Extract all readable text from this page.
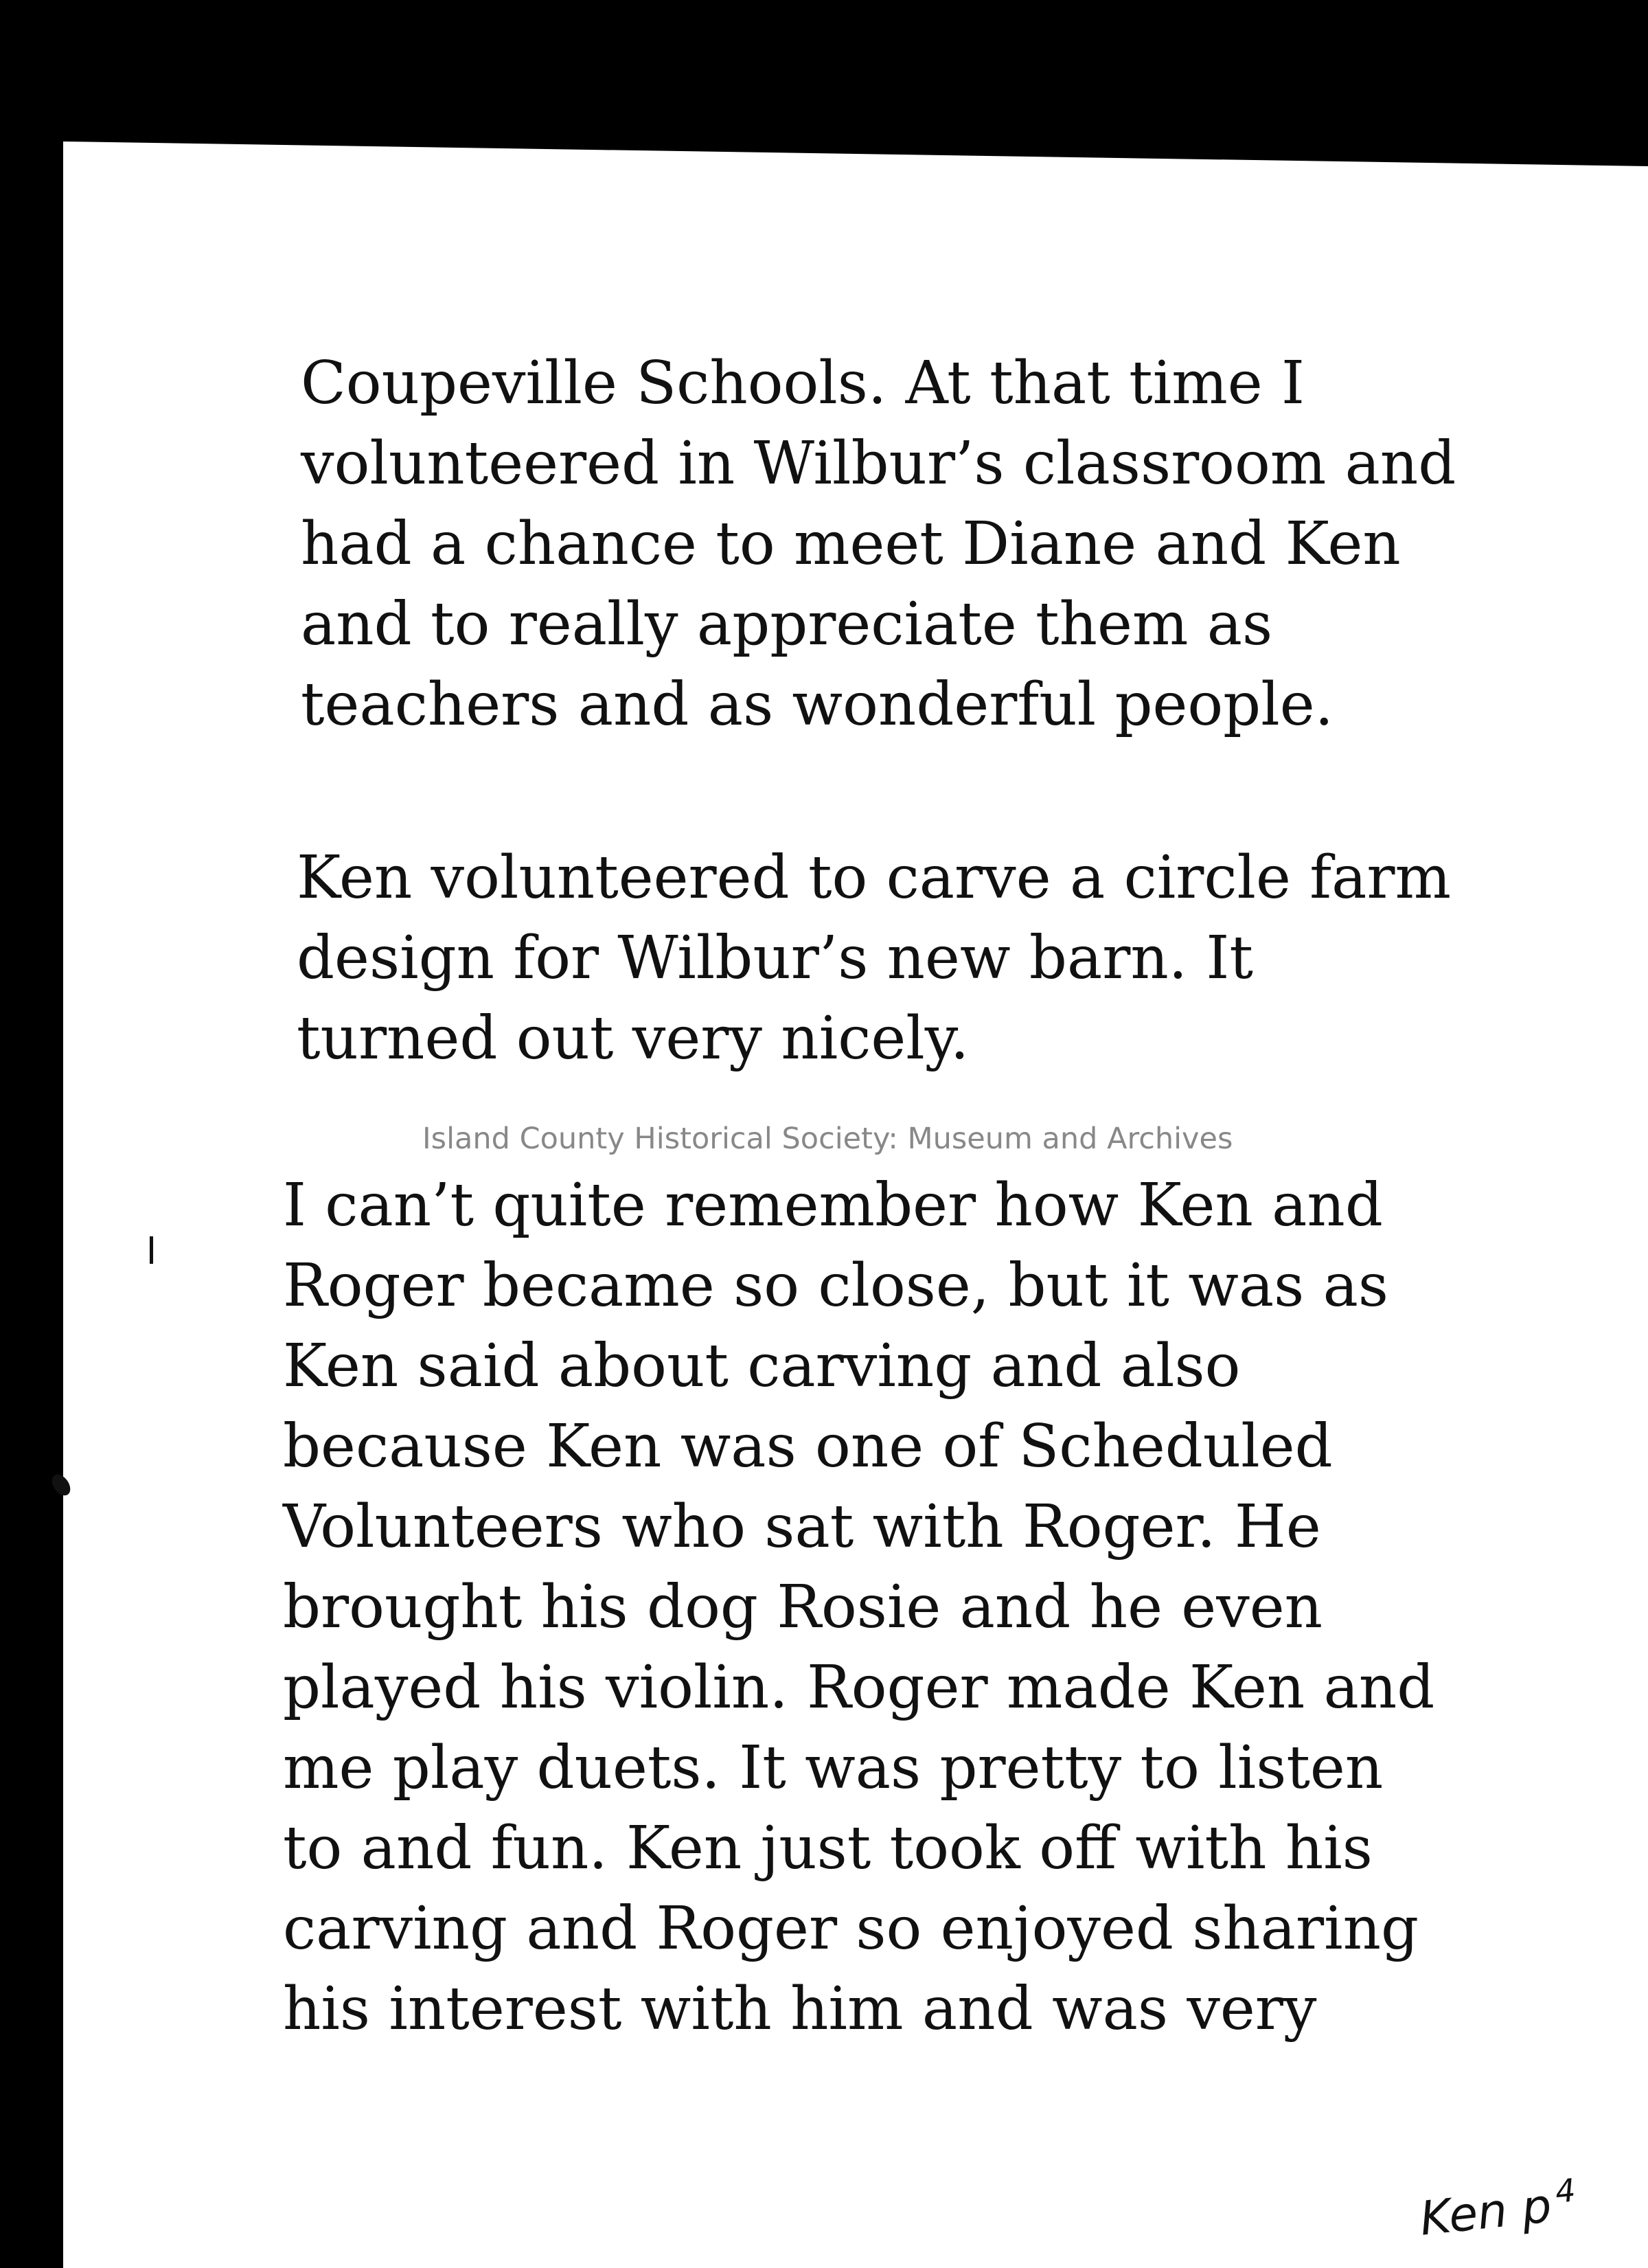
Coupeville Schools. At that time I
volunteered in Wilbur’s classroom and
had a chance to meet Diane and Ken
and to really appreciate them as
teachers and as wonderful people.

Ken volunteered to carve a circle farm
design for Wilbur’s new barn. It
turned out very nicely.

Island County Historical Society: Museum and Archives

I can’t quite remember how Ken and
Roger became so close, but it was as
Ken said about carving and also
because Ken was one of Scheduled
Volunteers who sat with Roger. He
brought his dog Rosie and he even
played his violin. Roger made Ken and
me play duets. It was pretty to listen
to and fun. Ken just took off with his
carving and Roger so enjoyed sharing
his interest with him and was very

Ken $p^4$
